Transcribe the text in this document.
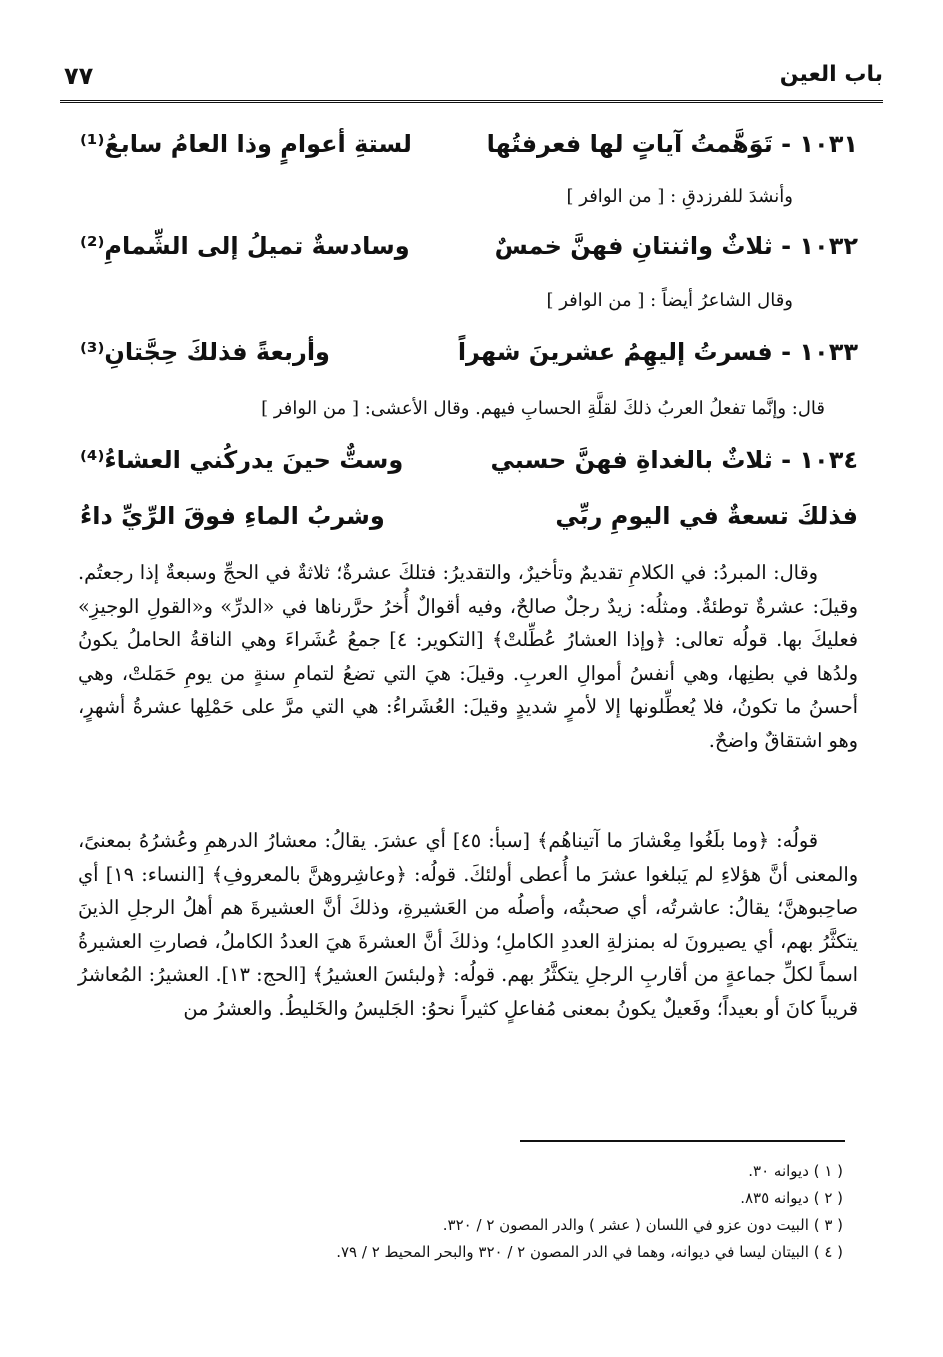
باب العين
٧٧
١٠٣١ - تَوَهَّمتُ آياتٍ لها فعرفتُها
لستةِ أعوامٍ وذا العامُ سابعُ⁽¹⁾
وأنشدَ للفرزدقِ : [ من الوافر ]
١٠٣٢ - ثلاثٌ واثنتانِ فهنَّ خمسٌ
وسادسةٌ تميلُ إلى الشِّمامِ⁽²⁾
وقال الشاعرُ أيضاً : [ من الوافر ]
١٠٣٣ - فسرتُ إليهِمُ عشرينَ شهراً
وأربعةً فذلكَ حِجَّتانِ⁽³⁾
قال: وإنَّما تفعلُ العربُ ذلكَ لقلَّةِ الحسابِ فيهم. وقال الأعشى: [ من الوافر ]
١٠٣٤ - ثلاثٌ بالغداةِ فهنَّ حسبي
وستٌّ حينَ يدركُني العشاءُ⁽⁴⁾
فذلكَ تسعةٌ في اليومِ ربِّي
وشربُ الماءِ فوقَ الرِّيِّ داءُ

وقال: المبردُ: في الكلامِ تقديمٌ وتأخيرٌ، والتقديرُ: فتلكَ عشرةٌ؛ ثلاثةٌ في الحجِّ وسبعةٌ إذا رجعتُم. وقيلَ: عشرةٌ توطئةٌ. ومثلُه: زيدٌ رجلٌ صالحٌ، وفيه أقوالٌ أُخرُ حرَّرناها في «الدرِّ» و«القولِ الوجيزِ» فعليكَ بها. قولُه تعالى: ﴿وإذا العشارُ عُطِّلتْ﴾ [التكوير: ٤] جمعُ عُشَراءَ وهي الناقةُ الحاملُ يكونُ ولدُها في بطنِها، وهي أنفسُ أموالِ العربِ. وقيلَ: هيَ التي تضعُ لتمامِ سنةٍ من يومِ حَمَلتْ، وهي أحسنُ ما تكونُ، فلا يُعطِّلونها إلا لأمرٍ شديدٍ وقيلَ: العُشَراءُ: هي التي مرَّ على حَمْلِها عشرةُ أشهرٍ، وهو اشتقاقٌ واضحٌ.

قولُه: ﴿وما بلَغُوا مِعْشارَ ما آتيناهُم﴾ [سبأ: ٤٥] أي عشرَ. يقالُ: معشارُ الدرهمِ وعُشرُهُ بمعنىً، والمعنى أنَّ هؤلاءِ لم يَبلغوا عشرَ ما أُعطى أولئكَ. قولُه: ﴿وعاشِروهنَّ بالمعروفِ﴾ [النساء: ١٩] أي صاحِبوهنَّ؛ يقالُ: عاشرتُه، أي صحبتُه، وأصلُه من العَشيرةِ، وذلكَ أنَّ العشيرةَ هم أهلُ الرجلِ الذينَ يتكثَّرُ بهم، أي يصيرونَ له بمنزلةِ العددِ الكاملِ؛ وذلكَ أنَّ العشرةَ هيَ العددُ الكاملُ، فصارتِ العشيرةُ اسماً لكلِّ جماعةٍ من أقاربِ الرجلِ يتكثَّرُ بهم. قولُه: ﴿ولبئسَ العشيرُ﴾ [الحج: ١٣]. العشيرُ: المُعاشرُ قريباً كانَ أو بعيداً؛ وفَعيلٌ يكونُ بمعنى مُفاعلٍ كثيراً نحوُ: الجَليسُ والخَليطُ. والعشرُ من

( ١ ) ديوانه ٣٠.
( ٢ ) ديوانه ٨٣٥.
( ٣ ) البيت دون عزو في اللسان ( عشر ) والدر المصون ٢ / ٣٢٠.
( ٤ ) البيتان ليسا في ديوانه، وهما في الدر المصون ٢ / ٣٢٠ والبحر المحيط ٢ / ٧٩.
